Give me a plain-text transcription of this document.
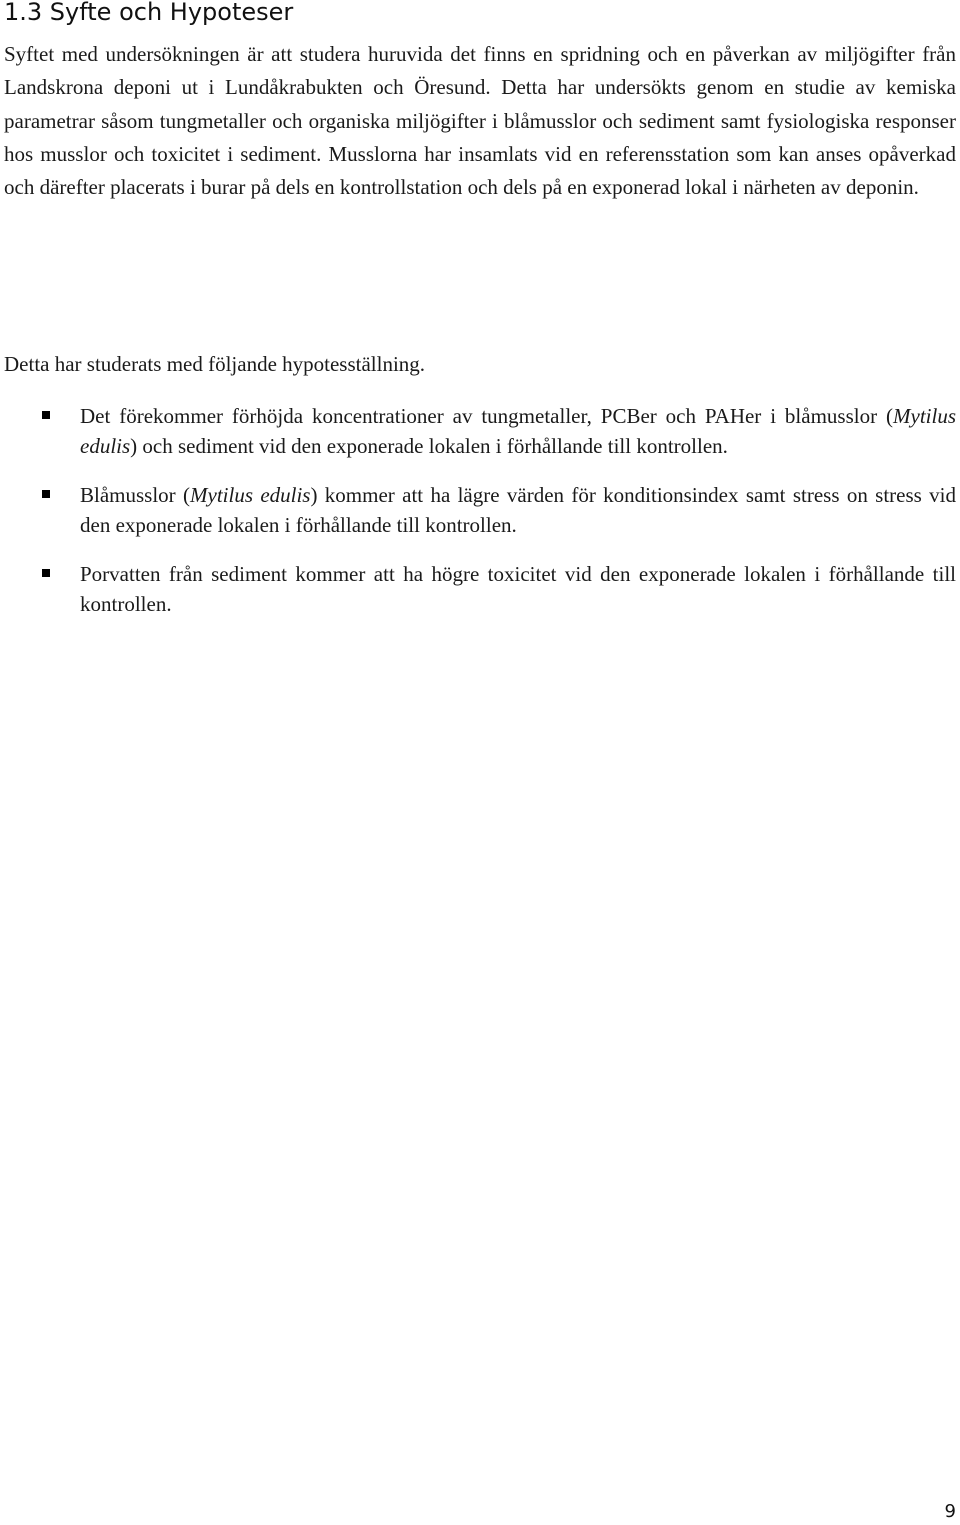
1.3 Syfte och Hypoteser

Syftet med undersökningen är att studera huruvida det finns en spridning och en påverkan av miljögifter från Landskrona deponi ut i Lundåkrabukten och Öresund. Detta har undersökts genom en studie av kemiska parametrar såsom tungmetaller och organiska miljögifter i blåmusslor och sediment samt fysiologiska responser hos musslor och toxicitet i sediment. Musslorna har insamlats vid en referensstation som kan anses opåverkad och därefter placerats i burar på dels en kontrollstation och dels på en exponerad lokal i närheten av deponin.

Detta har studerats med följande hypotesställning.

Det förekommer förhöjda koncentrationer av tungmetaller, PCBer och PAHer i blåmusslor (Mytilus edulis) och sediment vid den exponerade lokalen i förhållande till kontrollen.
Blåmusslor (Mytilus edulis) kommer att ha lägre värden för konditionsindex samt stress on stress vid den exponerade lokalen i förhållande till kontrollen.
Porvatten från sediment kommer att ha högre toxicitet vid den exponerade lokalen i förhållande till kontrollen.
9
